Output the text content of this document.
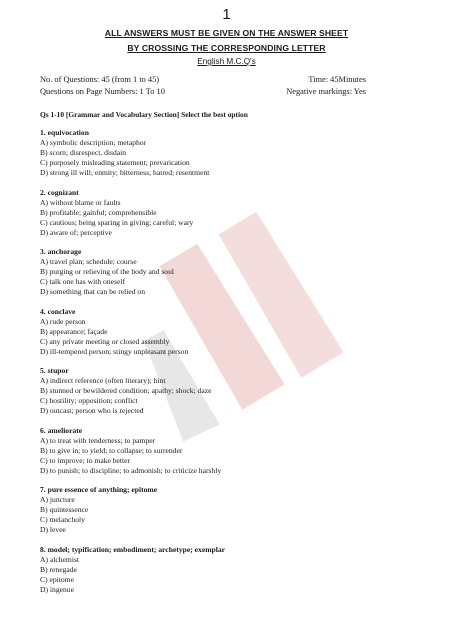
1
ALL ANSWERS MUST BE GIVEN ON THE ANSWER SHEET
BY CROSSING THE CORRESPONDING LETTER
English M.C.Q's
No. of Questions: 45 (from 1 to 45)	Time: 45Minutes
Questions on Page Numbers: 1 To 10	Negative markings: Yes
Qs 1-10 [Grammar and Vocabulary Section] Select the best option
1. equivocation
A) symbolic description; metaphor
B) scorn; disrespect, disdain
C) purposely misleading statement; prevarication
D) strong ill will; enmity; bitterness; hatred; resentment
2. cognizant
A) without blame or faults
B) profitable; gainful; comprehensible
C) cautious; being sparing in giving; careful; wary
D) aware of; perceptive
3. anchorage
A) travel plan; schedule; course
B) purging or relieving of the body and soul
C) talk one has with oneself
D) something that can be relied on
4. conclave
A) rude person
B) appearance; façade
C) any private meeting or closed assembly
D) ill-tempered person; stingy unpleasant person
5. stupor
A) indirect reference (often literary); hint
B) stunned or bewildered condition; apathy; shock; daze
C) hostility; opposition; conflict
D) outcast; person who is rejected
6. ameliorate
A) to treat with tenderness; to pamper
B) to give in; to yield; to collapse; to surrender
C) to improve; to make better
D) to punish; to discipline; to admonish; to criticize harshly
7. pure essence of anything; epitome
A) juncture
B) quintessence
C) melancholy
D) levee
8. model; typification; embodiment; archetype; exemplar
A) alchemist
B) renegade
C) epitome
D) ingenue
